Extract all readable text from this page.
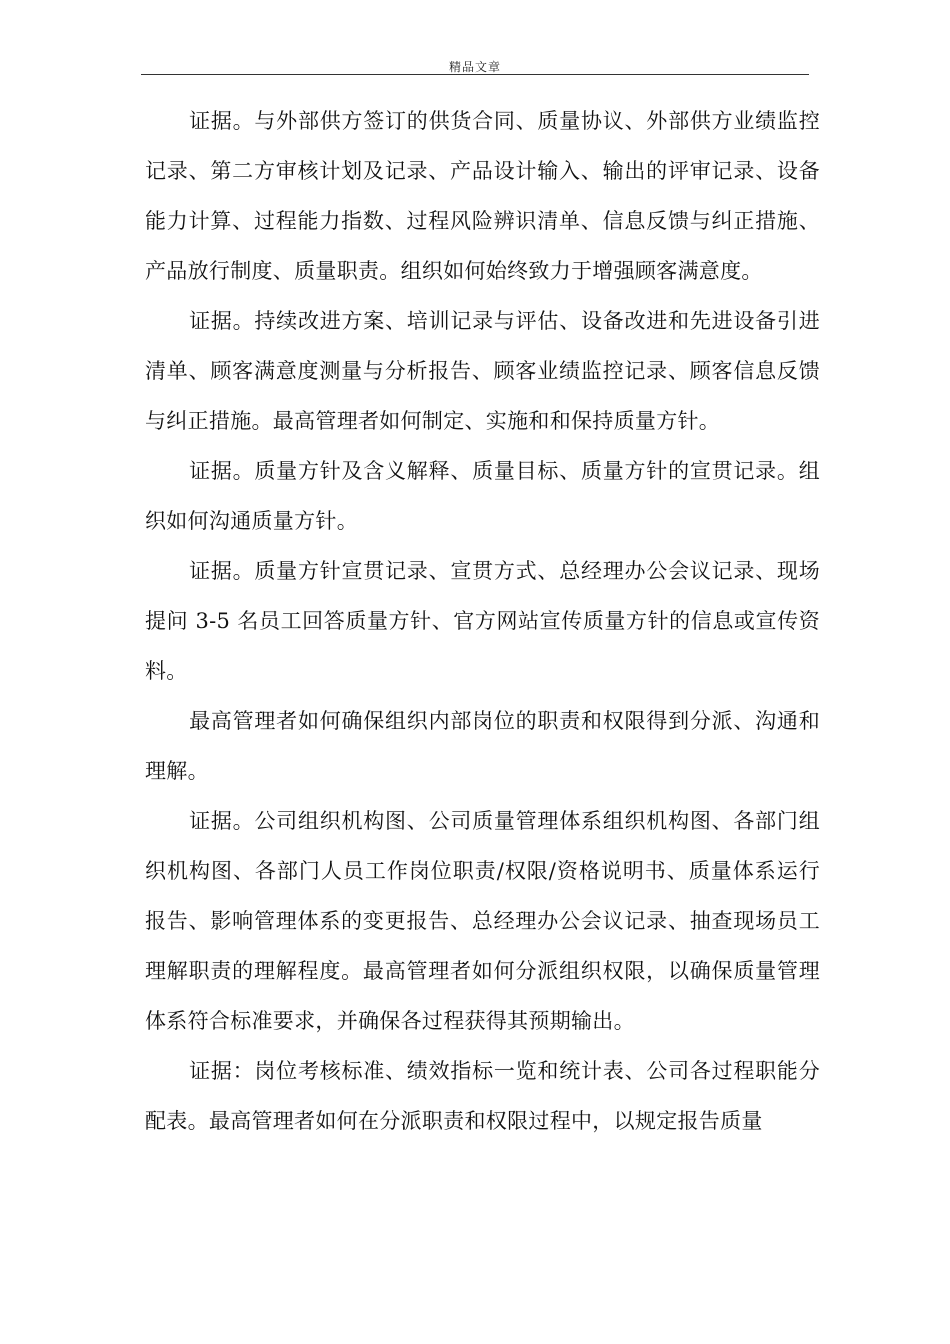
精品文章

证据。与外部供方签订的供货合同、质量协议、外部供方业绩监控记录、第二方审核计划及记录、产品设计输入、输出的评审记录、设备能力计算、过程能力指数、过程风险辨识清单、信息反馈与纠正措施、产品放行制度、质量职责。组织如何始终致力于增强顾客满意度。

证据。持续改进方案、培训记录与评估、设备改进和先进设备引进清单、顾客满意度测量与分析报告、顾客业绩监控记录、顾客信息反馈与纠正措施。最高管理者如何制定、实施和和保持质量方针。

证据。质量方针及含义解释、质量目标、质量方针的宣贯记录。组织如何沟通质量方针。

证据。质量方针宣贯记录、宣贯方式、总经理办公会议记录、现场提问 3-5 名员工回答质量方针、官方网站宣传质量方针的信息或宣传资料。

最高管理者如何确保组织内部岗位的职责和权限得到分派、沟通和理解。

证据。公司组织机构图、公司质量管理体系组织机构图、各部门组织机构图、各部门人员工作岗位职责/权限/资格说明书、质量体系运行报告、影响管理体系的变更报告、总经理办公会议记录、抽查现场员工理解职责的理解程度。最高管理者如何分派组织权限，以确保质量管理体系符合标准要求，并确保各过程获得其预期输出。

证据：岗位考核标准、绩效指标一览和统计表、公司各过程职能分配表。最高管理者如何在分派职责和权限过程中，以规定报告质量
